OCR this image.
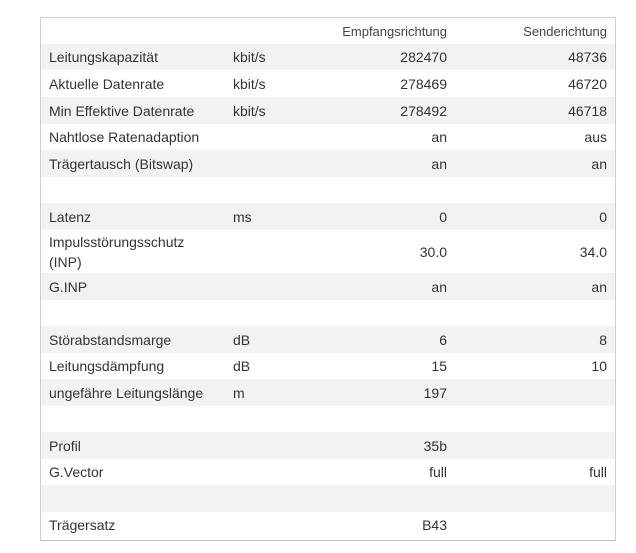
		Empfangsrichtung	Senderichtung
Leitungskapazität	kbit/s	282470	48736
Aktuelle Datenrate	kbit/s	278469	46720
Min Effektive Datenrate	kbit/s	278492	46718
Nahtlose Ratenadaption		an	aus
Trägertausch (Bitswap)		an	an

Latenz	ms	0	0
Impulsstörungsschutz (INP)		30.0	34.0
G.INP		an	an

Störabstandsmarge	dB	6	8
Leitungsdämpfung	dB	15	10
ungefähre Leitungslänge	m	197	

Profil		35b	
G.Vector		full	full

Trägersatz		B43	
